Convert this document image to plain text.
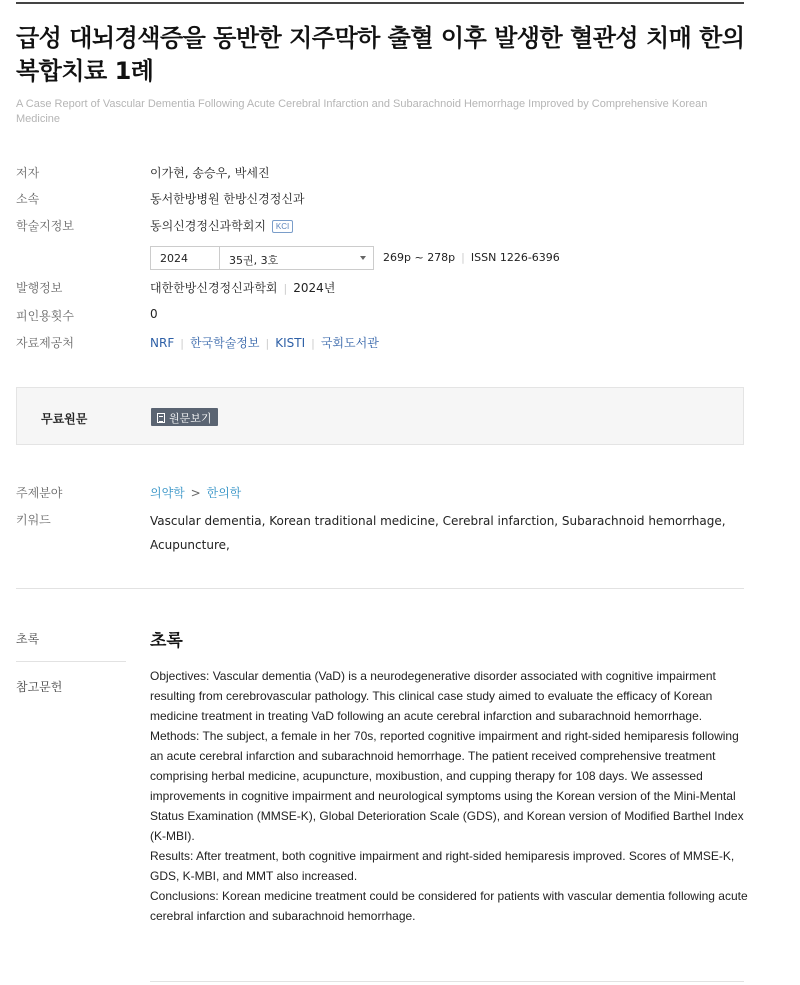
급성 대뇌경색증을 동반한 지주막하 출혈 이후 발생한 혈관성 치매 한의 복합치료 1례
A Case Report of Vascular Dementia Following Acute Cerebral Infarction and Subarachnoid Hemorrhage Improved by Comprehensive Korean Medicine
저자	이가현, 송승우, 박세진
소속	동서한방병원 한방신경정신과
학술지정보	동의신경정신과학회지 KCI
2024	35권, 3호	269p ~ 278p | ISSN 1226-6396
발행정보	대한한방신경정신과학회 | 2024년
피인용횟수	0
자료제공처	NRF | 한국학술정보 | KISTI | 국회도서관
무료원문	원문보기
주제분야	의약학 > 한의학
키워드	Vascular dementia, Korean traditional medicine, Cerebral infarction, Subarachnoid hemorrhage, Acupuncture,
초록
참고문헌
초록

Objectives: Vascular dementia (VaD) is a neurodegenerative disorder associated with cognitive impairment resulting from cerebrovascular pathology. This clinical case study aimed to evaluate the efficacy of Korean medicine treatment in treating VaD following an acute cerebral infarction and subarachnoid hemorrhage.

Methods: The subject, a female in her 70s, reported cognitive impairment and right-sided hemiparesis following an acute cerebral infarction and subarachnoid hemorrhage. The patient received comprehensive treatment comprising herbal medicine, acupuncture, moxibustion, and cupping therapy for 108 days. We assessed improvements in cognitive impairment and neurological symptoms using the Korean version of the Mini-Mental Status Examination (MMSE-K), Global Deterioration Scale (GDS), and Korean version of Modified Barthel Index (K-MBI).

Results: After treatment, both cognitive impairment and right-sided hemiparesis improved. Scores of MMSE-K, GDS, K-MBI, and MMT also increased.

Conclusions: Korean medicine treatment could be considered for patients with vascular dementia following acute cerebral infarction and subarachnoid hemorrhage.
